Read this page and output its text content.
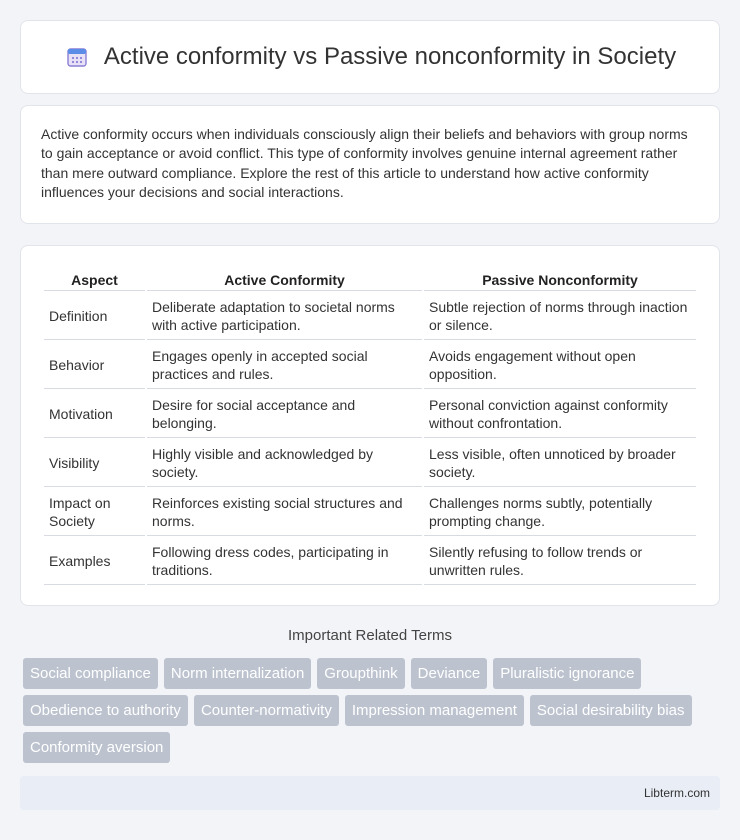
Active conformity vs Passive nonconformity in Society

Active conformity occurs when individuals consciously align their beliefs and behaviors with group norms to gain acceptance or avoid conflict. This type of conformity involves genuine internal agreement rather than mere outward compliance. Explore the rest of this article to understand how active conformity influences your decisions and social interactions.

Aspect	Active Conformity	Passive Nonconformity
Definition	Deliberate adaptation to societal norms with active participation.	Subtle rejection of norms through inaction or silence.
Behavior	Engages openly in accepted social practices and rules.	Avoids engagement without open opposition.
Motivation	Desire for social acceptance and belonging.	Personal conviction against conformity without confrontation.
Visibility	Highly visible and acknowledged by society.	Less visible, often unnoticed by broader society.
Impact on Society	Reinforces existing social structures and norms.	Challenges norms subtly, potentially prompting change.
Examples	Following dress codes, participating in traditions.	Silently refusing to follow trends or unwritten rules.
Important Related Terms
Social compliance	Norm internalization	Groupthink	Deviance	Pluralistic ignorance
Obedience to authority	Counter-normativity	Impression management	Social desirability bias
Conformity aversion
Libterm.com
